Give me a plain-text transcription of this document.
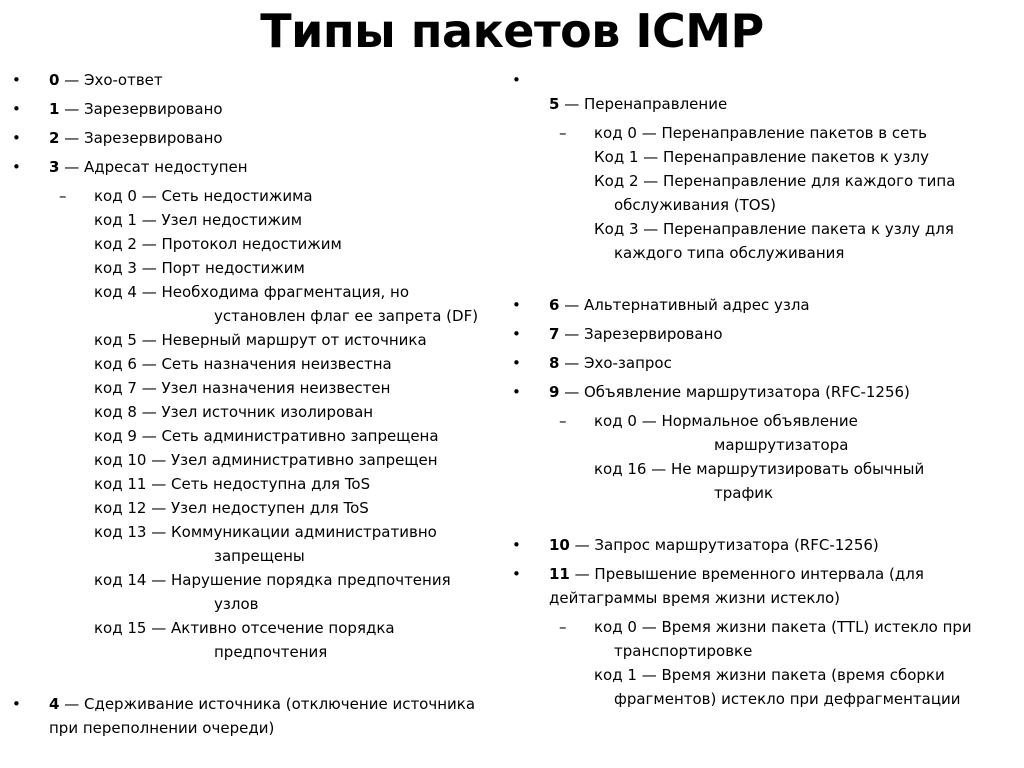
Типы пакетов ICMP
• 0 — Эхо-ответ
• 1 — Зарезервировано
• 2 — Зарезервировано
• 3 — Адресат недоступен
– код 0 — Сеть недостижима
код 1 — Узел недостижим
код 2 — Протокол недостижим
код 3 — Порт недостижим
код 4 — Необходима фрагментация, но
установлен флаг ее запрета (DF)
код 5 — Неверный маршрут от источника
код 6 — Сеть назначения неизвестна
код 7 — Узел назначения неизвестен
код 8 — Узел источник изолирован
код 9 — Сеть административно запрещена
код 10 — Узел административно запрещен
код 11 — Сеть недоступна для ToS
код 12 — Узел недоступен для ToS
код 13 — Коммуникации административно
запрещены
код 14 — Нарушение порядка предпочтения
узлов
код 15 — Активно отсечение порядка
предпочтения
• 4 — Сдерживание источника (отключение источника при переполнении очереди)
•

5 — Перенаправление
– код 0 — Перенаправление пакетов в сеть
Код 1 — Перенаправление пакетов к узлу
Код 2 — Перенаправление для каждого типа
обслуживания (TOS)
Код 3 — Перенаправление пакета к узлу для
каждого типа обслуживания
• 6 — Альтернативный адрес узла
• 7 — Зарезервировано
• 8 — Эхо-запрос
• 9 — Объявление маршрутизатора (RFC-1256)
– код 0 — Нормальное объявление
маршрутизатора
код 16 — Не маршрутизировать обычный
трафик
• 10 — Запрос маршрутизатора (RFC-1256)
• 11 — Превышение временного интервала (для дейтаграммы время жизни истекло)
– код 0 — Время жизни пакета (TTL) истекло при
транспортировке
код 1 — Время жизни пакета (время сборки
фрагментов) истекло при дефрагментации
